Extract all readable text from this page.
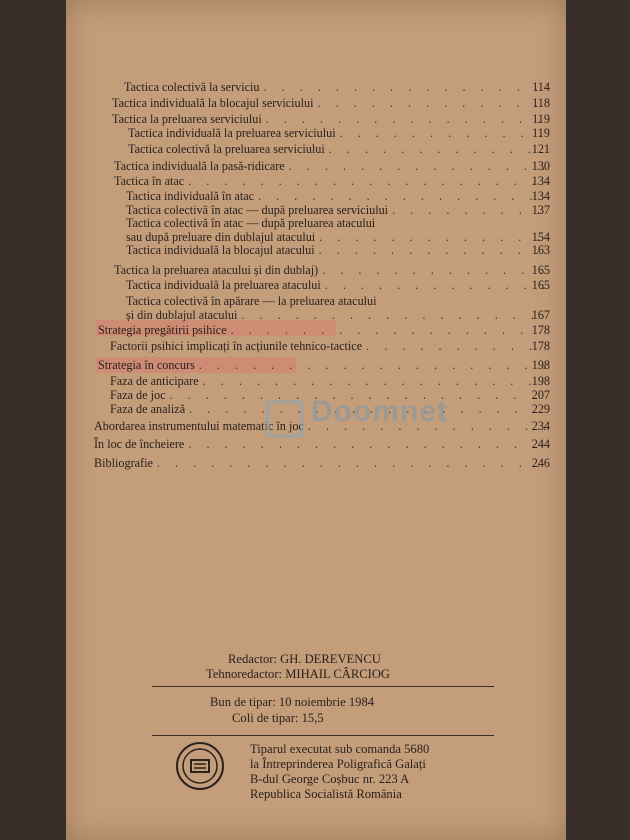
Tactica colectivă la serviciu . . .	114
Tactica individuală la blocajul serviciului . . .	118
Tactica la preluarea serviciului . . .	119
Tactica individuală la preluarea serviciului . . .	119
Tactica colectivă la preluarea serviciului . . .	121
Tactica individuală la pasă-ridicare . . .	130
Tactica în atac . . .	134
Tactica individuală în atac . . .	134
Tactica colectivă în atac — după preluarea serviciului . . .	137
Tactica colectivă în atac — după preluarea atacului
sau după preluare din dublajul atacului . . .	154
Tactica individuală la blocajul atacului . . .	163
Tactica la preluarea atacului și din dublaj) . . .	165
Tactica individuală la preluarea atacului . . .	165
Tactica colectivă în apărare — la preluarea atacului
și din dublajul atacului . . .	167
Strategia pregătirii psihice . . .	178
Factorii psihici implicați în acțiunile tehnico-tactice . . .	178
Strategia în concurs . . .	198
Faza de anticipare . . .	198
Faza de joc . . .	207
Faza de analiză . . .	229
Abordarea instrumentului matematic în joc . . .	234
În loc de încheiere . . .	244
Bibliografie . . .	246
Doomnet
Redactor: GH. DEREVENCU
Tehnoredactor: MIHAIL CÂRCIOG
Bun de tipar: 10 noiembrie 1984
Coli de tipar: 15,5
Tiparul executat sub comanda 5680
la Întreprinderea Poligrafică Galați
B-dul George Coșbuc nr. 223 A
Republica Socialistă România
